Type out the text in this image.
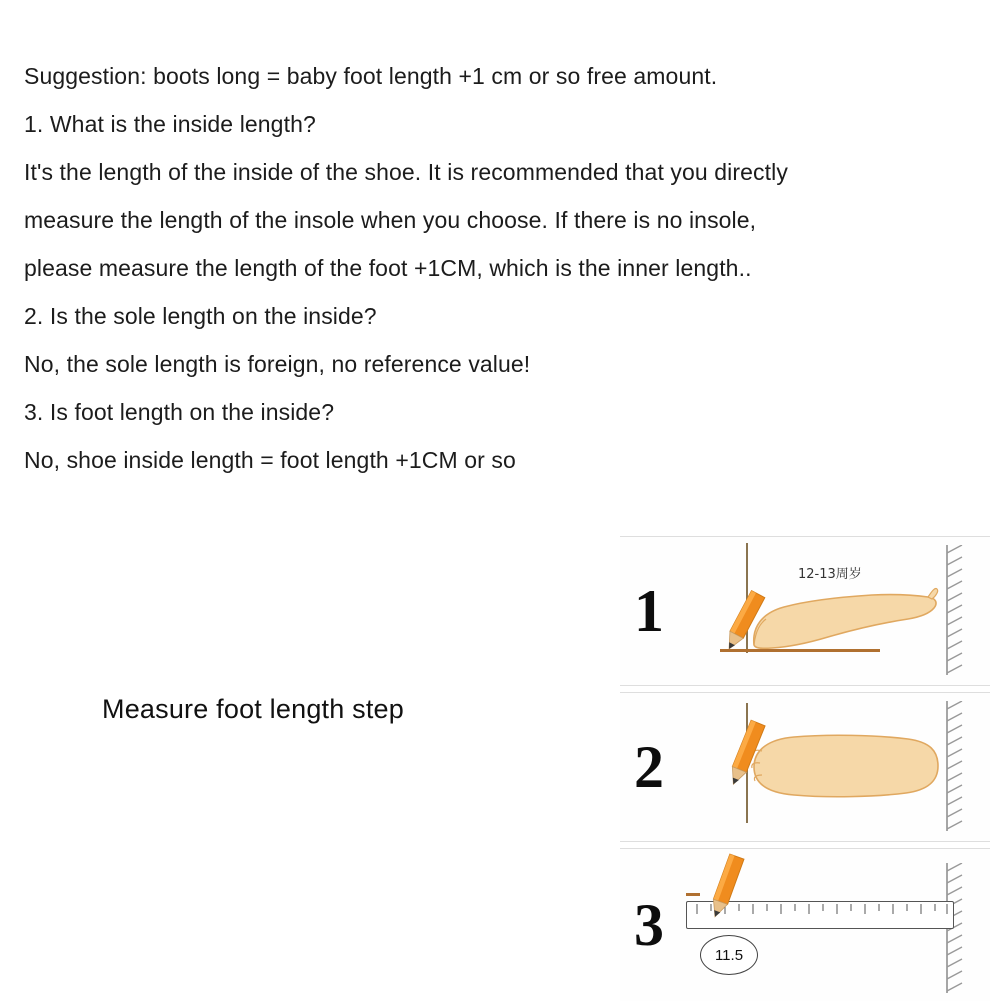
Suggestion: boots long = baby foot length +1 cm or so free amount.
1. What is the inside length?
It's the length of the inside of the shoe. It is recommended that you directly
measure the length of the insole when you choose. If there is no insole,
please measure the length of the foot +1CM, which is the inner length..
2. Is the sole length on the inside?
No, the sole length is foreign, no reference value!
3. Is foot length on the inside?
No, shoe inside length = foot length +1CM or so
Measure foot length step
1
12-13周岁
2
3	11.5
